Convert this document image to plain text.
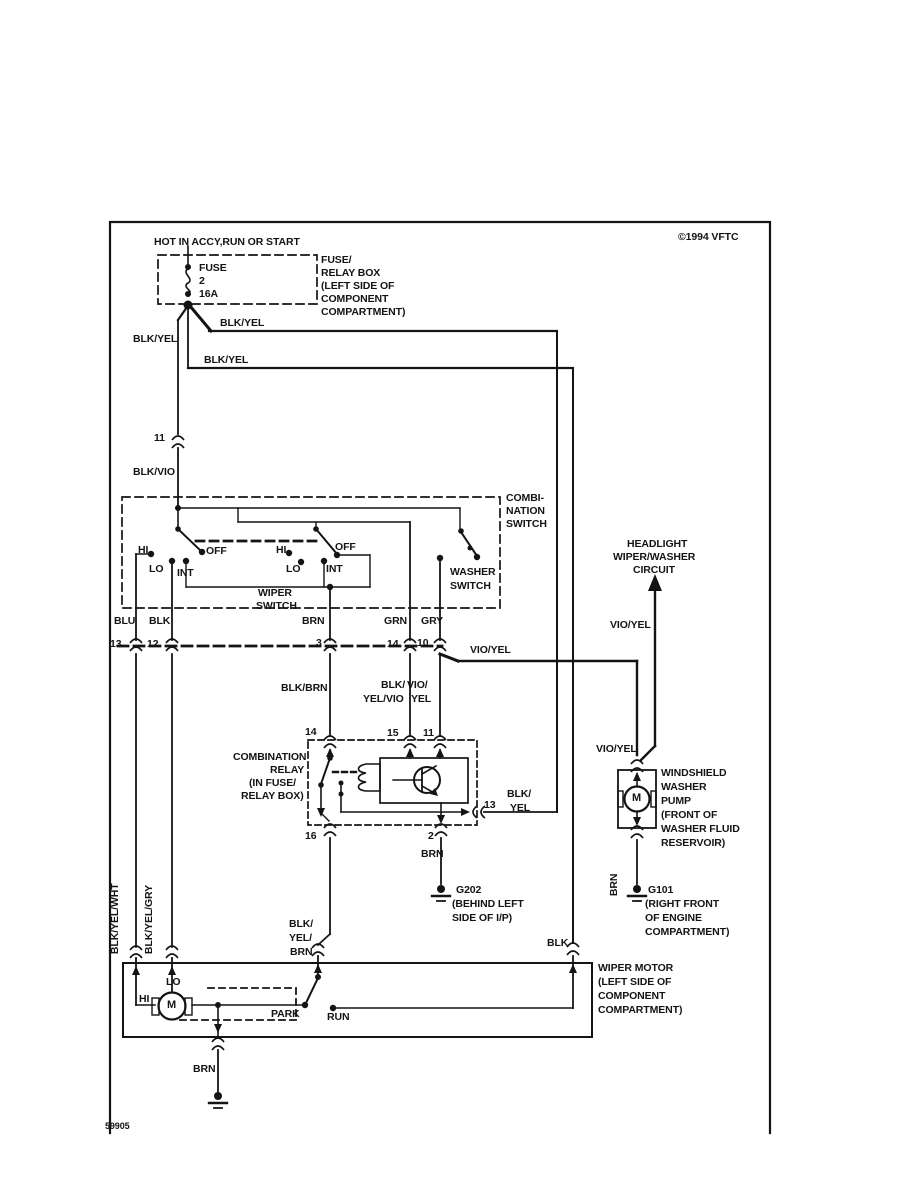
©1994 VFTC
HOT IN ACCY,RUN OR START
FUSE
2
16A
FUSE/
RELAY BOX
(LEFT SIDE OF
COMPONENT
COMPARTMENT)
BLK/YEL
BLK/YEL
BLK/YEL
11
BLK/VIO
COMBI-
NATION
SWITCH
HI
LO
OFF
INT
HI
LO
OFF
INT
WIPER
SWITCH
WASHER
SWITCH
BLU BLK	BRN	GRN GRY
13 12	3	14 10
VIO/YEL
VIO/YEL
VIO/YEL
HEADLIGHT
WIPER/WASHER
CIRCUIT
BLK/BRN	BLK/
YEL/VIO
VIO/
YEL
14	15 11
COMBINATION
RELAY
(IN FUSE/
RELAY BOX)
13
BLK/
YEL
16	2
BRN
G202
(BEHIND LEFT
SIDE OF I/P)
WINDSHIELD
WASHER
PUMP
(FRONT OF
WASHER FLUID
RESERVOIR)
M
BRN	G101
(RIGHT FRONT
OF ENGINE
COMPARTMENT)
BLK/YEL/WHT BLK/YEL/GRY	BLK/
YEL/
BRN
BLK
WIPER MOTOR
(LEFT SIDE OF
COMPONENT
COMPARTMENT)
LO
HI M
PARK	RUN
BRN
59905
